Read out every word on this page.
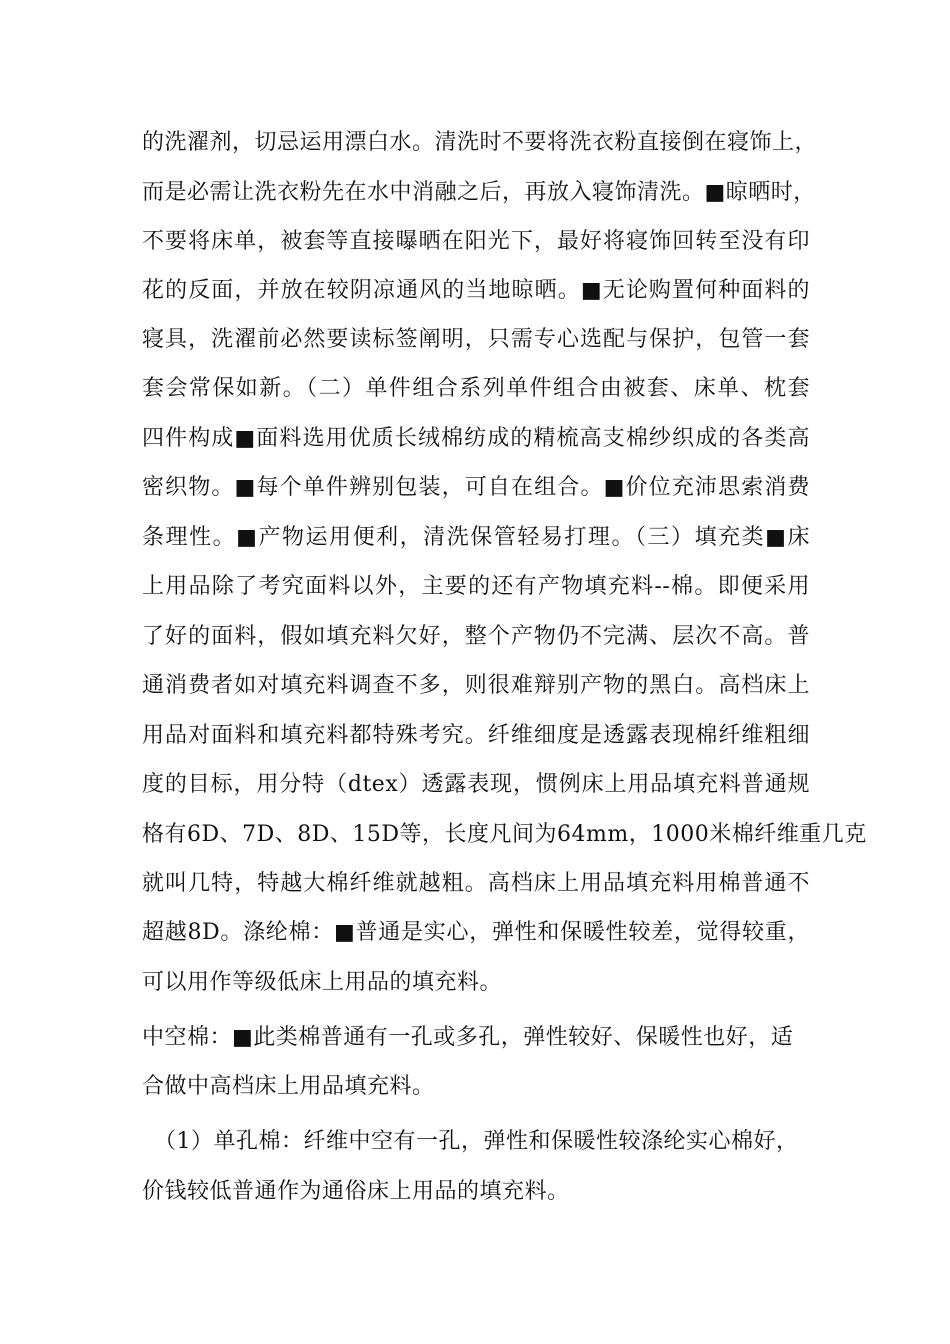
的洗濯剂，切忌运用漂白水。清洗时不要将洗衣粉直接倒在寝饰上，
而是必需让洗衣粉先在水中消融之后，再放入寝饰清洗。■晾晒时，
不要将床单，被套等直接曝晒在阳光下，最好将寝饰回转至没有印
花的反面，并放在较阴凉通风的当地晾晒。■无论购置何种面料的
寝具，洗濯前必然要读标签阐明，只需专心选配与保护，包管一套
套会常保如新。（二）单件组合系列单件组合由被套、床单、枕套
四件构成■面料选用优质长绒棉纺成的精梳高支棉纱织成的各类高
密织物。■每个单件辨别包装，可自在组合。■价位充沛思索消费
条理性。■产物运用便利，清洗保管轻易打理。（三）填充类■床
上用品除了考究面料以外，主要的还有产物填充料--棉。即便采用
了好的面料，假如填充料欠好，整个产物仍不完满、层次不高。普
通消费者如对填充料调查不多，则很难辩别产物的黑白。高档床上
用品对面料和填充料都特殊考究。纤维细度是透露表现棉纤维粗细
度的目标，用分特（dtex）透露表现，惯例床上用品填充料普通规
格有6D、7D、8D、15D等，长度凡间为64mm，1000米棉纤维重几克
就叫几特，特越大棉纤维就越粗。高档床上用品填充料用棉普通不
超越8D。涤纶棉：■普通是实心，弹性和保暖性较差，觉得较重，
可以用作等级低床上用品的填充料。
中空棉：■此类棉普通有一孔或多孔，弹性较好、保暖性也好，适
合做中高档床上用品填充料。
（1）单孔棉：纤维中空有一孔，弹性和保暖性较涤纶实心棉好，
价钱较低普通作为通俗床上用品的填充料。
